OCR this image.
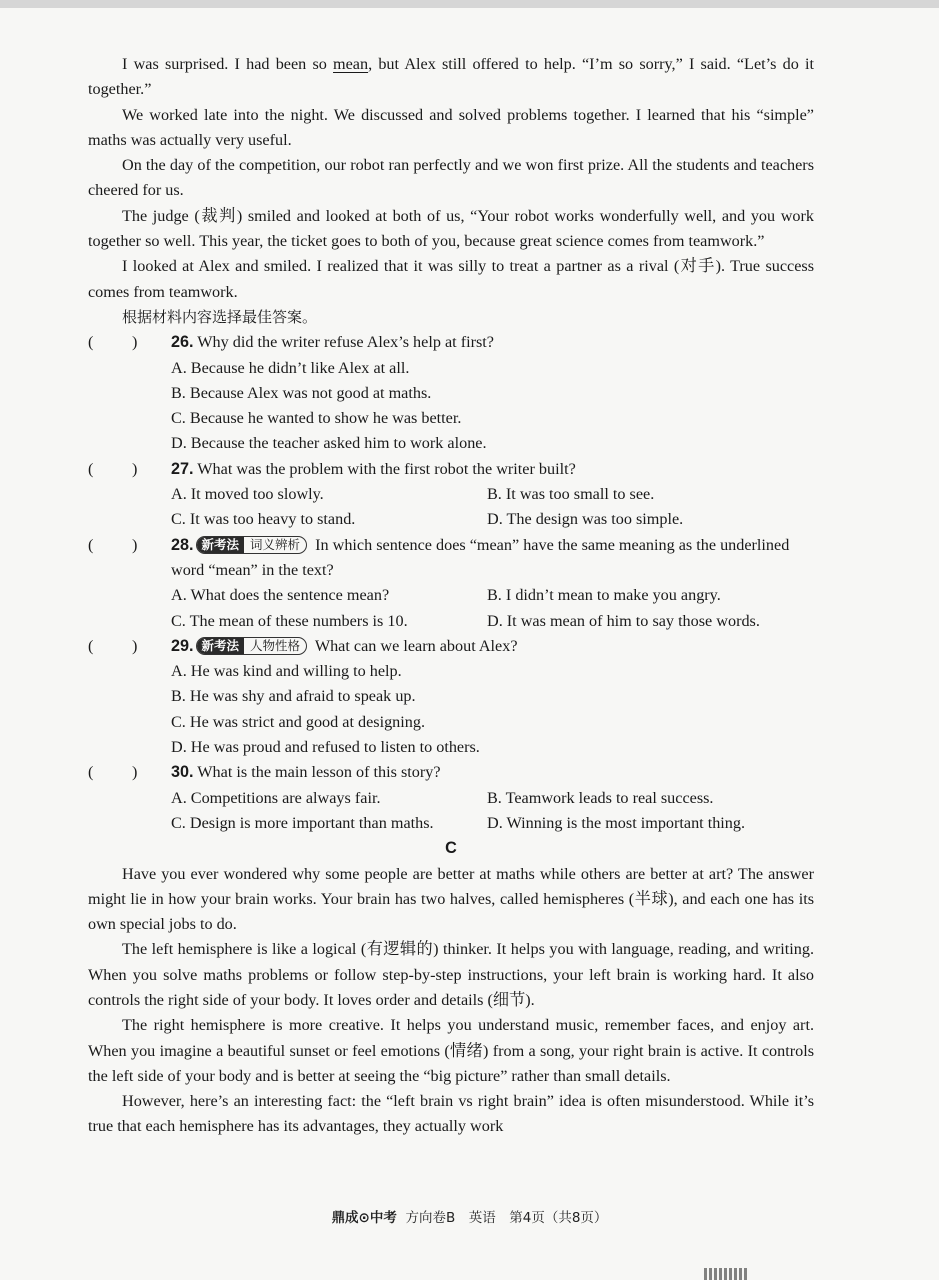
I was surprised. I had been so mean, but Alex still offered to help. “I’m so sorry,” I said. “Let’s do it together.”

We worked late into the night. We discussed and solved problems together. I learned that his “simple” maths was actually very useful.

On the day of the competition, our robot ran perfectly and we won first prize. All the students and teachers cheered for us.

The judge (裁判) smiled and looked at both of us, “Your robot works wonderfully well, and you work together so well. This year, the ticket goes to both of you, because great science comes from teamwork.”

I looked at Alex and smiled. I realized that it was silly to treat a partner as a rival (对手). True success comes from teamwork.

根据材料内容选择最佳答案。

( ) 26. Why did the writer refuse Alex’s help at first?
A. Because he didn’t like Alex at all.
B. Because Alex was not good at maths.
C. Because he wanted to show he was better.
D. Because the teacher asked him to work alone.
( ) 27. What was the problem with the first robot the writer built?
A. It moved too slowly.	B. It was too small to see.
C. It was too heavy to stand.	D. The design was too simple.
( ) 28. 新考法 词义辨析 In which sentence does “mean” have the same meaning as the underlined word “mean” in the text?
A. What does the sentence mean?	B. I didn’t mean to make you angry.
C. The mean of these numbers is 10.	D. It was mean of him to say those words.
( ) 29. 新考法 人物性格 What can we learn about Alex?
A. He was kind and willing to help.
B. He was shy and afraid to speak up.
C. He was strict and good at designing.
D. He was proud and refused to listen to others.
( ) 30. What is the main lesson of this story?
A. Competitions are always fair.	B. Teamwork leads to real success.
C. Design is more important than maths.	D. Winning is the most important thing.
C

Have you ever wondered why some people are better at maths while others are better at art? The answer might lie in how your brain works. Your brain has two halves, called hemispheres (半球), and each one has its own special jobs to do.

The left hemisphere is like a logical (有逻辑的) thinker. It helps you with language, reading, and writing. When you solve maths problems or follow step-by-step instructions, your left brain is working hard. It also controls the right side of your body. It loves order and details (细节).

The right hemisphere is more creative. It helps you understand music, remember faces, and enjoy art. When you imagine a beautiful sunset or feel emotions (情绪) from a song, your right brain is active. It controls the left side of your body and is better at seeing the “big picture” rather than small details.

However, here’s an interesting fact: the “left brain vs right brain” idea is often misunderstood. While it’s true that each hemisphere has its advantages, they actually work

鼎成⊙中考 方向卷B　英语　第4页（共8页）
